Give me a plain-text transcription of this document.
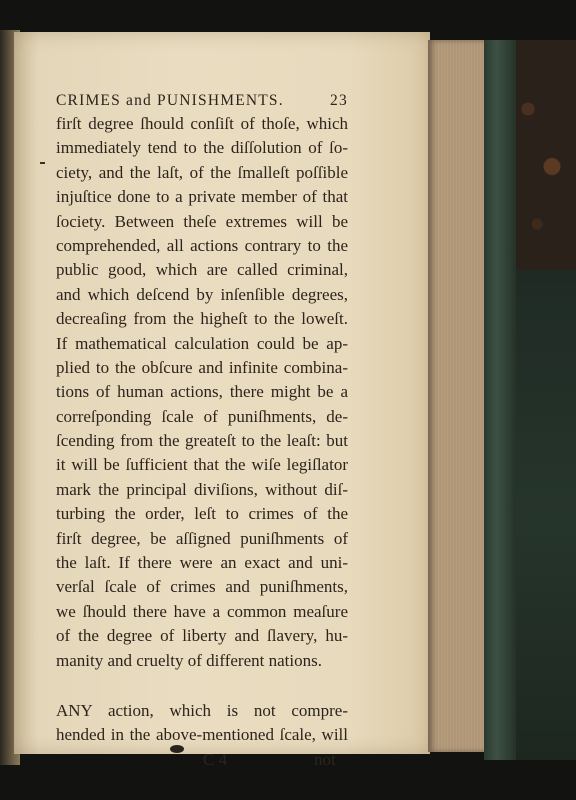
CRIMES and PUNISHMENTS.	23
firſt degree ſhould conſiſt of thoſe, which
immediately tend to the diſſolution of ſo-
ciety, and the laſt, of the ſmalleſt poſſible
injuſtice done to a private member of that
ſociety. Between theſe extremes will be
comprehended, all actions contrary to the
public good, which are called criminal,
and which deſcend by inſenſible degrees,
decreaſing from the higheſt to the loweſt.
If mathematical calculation could be ap-
plied to the obſcure and infinite combina-
tions of human actions, there might be a
correſponding ſcale of puniſhments, de-
ſcending from the greateſt to the leaſt: but
it will be ſufficient that the wiſe legiſlator
mark the principal diviſions, without diſ-
turbing the order, leſt to crimes of the
firſt degree, be aſſigned puniſhments of
the laſt. If there were an exact and uni-
verſal ſcale of crimes and puniſhments,
we ſhould there have a common meaſure
of the degree of liberty and ſlavery, hu-
manity and cruelty of different nations.
ANY action, which is not compre-
hended in the above-mentioned ſcale, will
C 4	not
